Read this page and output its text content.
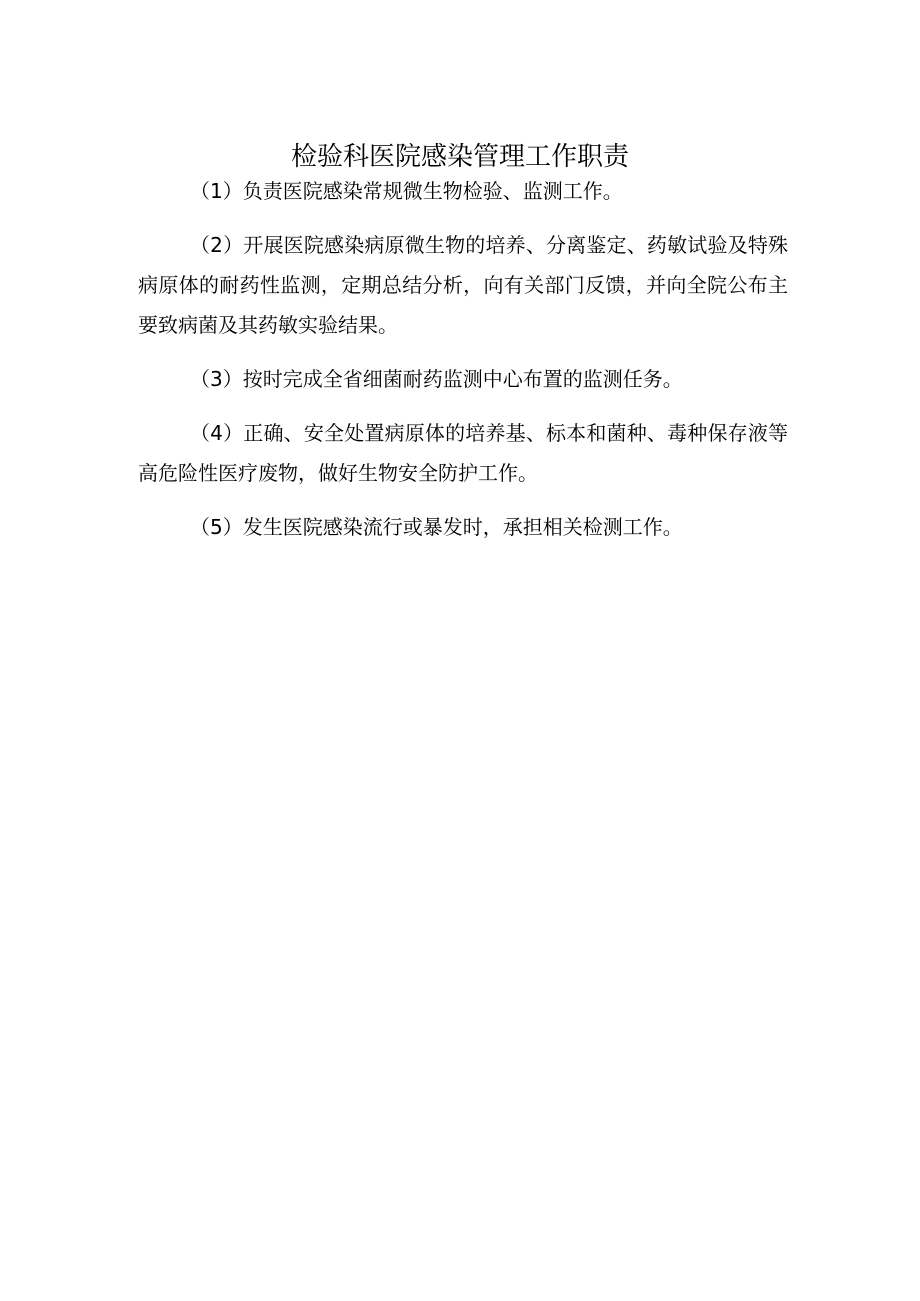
检验科医院感染管理工作职责

（1）负责医院感染常规微生物检验、监测工作。

（2）开展医院感染病原微生物的培养、分离鉴定、药敏试验及特殊病原体的耐药性监测，定期总结分析，向有关部门反馈，并向全院公布主要致病菌及其药敏实验结果。

（3）按时完成全省细菌耐药监测中心布置的监测任务。

（4）正确、安全处置病原体的培养基、标本和菌种、毒种保存液等高危险性医疗废物，做好生物安全防护工作。

（5）发生医院感染流行或暴发时，承担相关检测工作。
